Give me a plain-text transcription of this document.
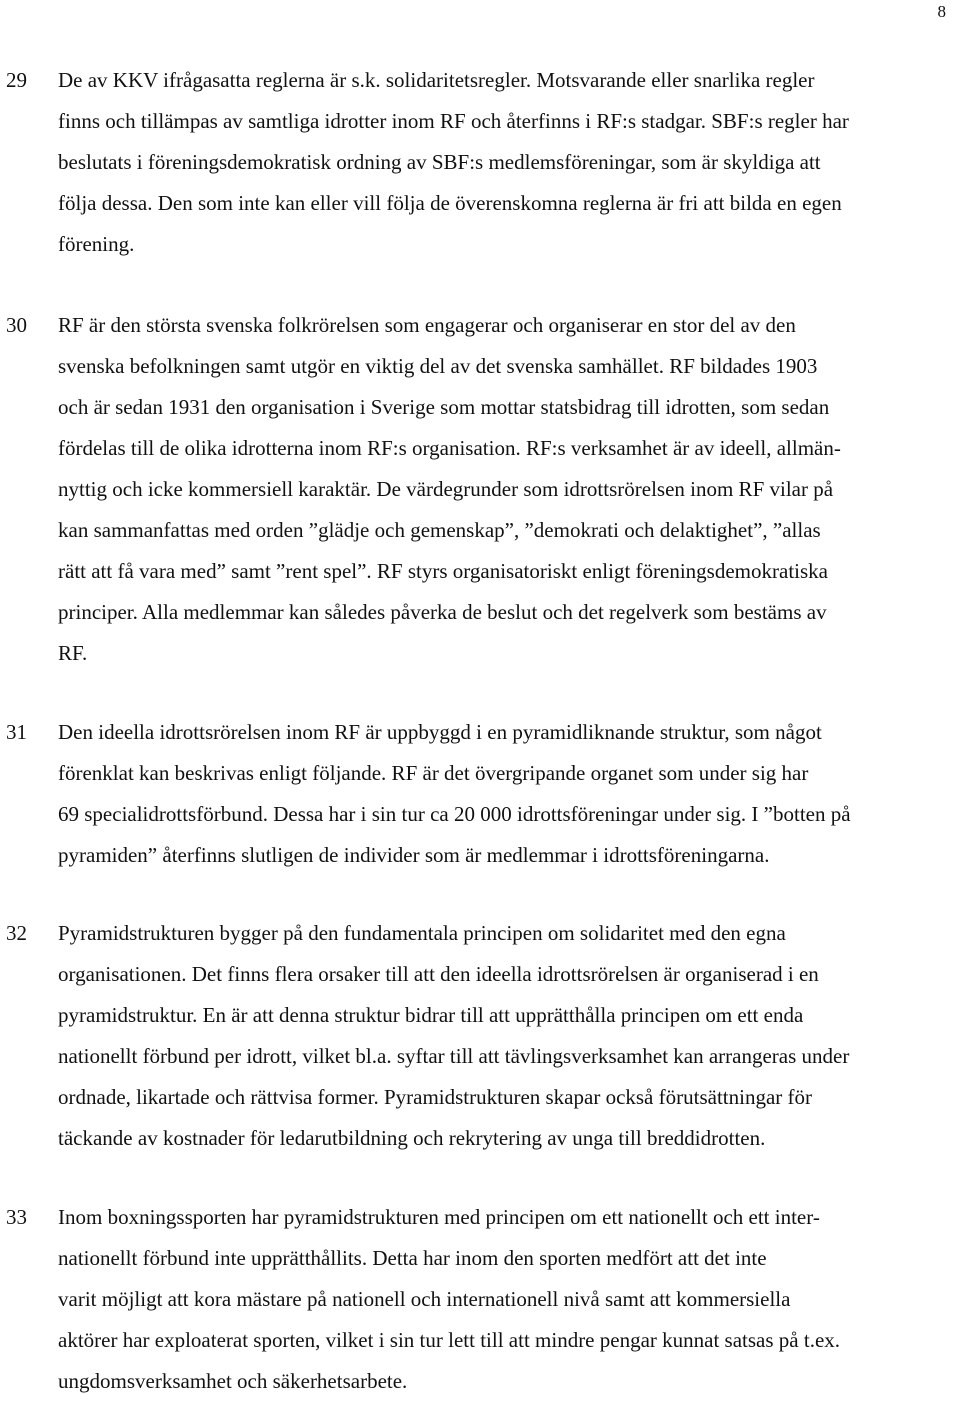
8
29 De av KKV ifrågasatta reglerna är s.k. solidaritetsregler. Motsvarande eller snarlika regler
finns och tillämpas av samtliga idrotter inom RF och återfinns i RF:s stadgar. SBF:s regler har
beslutats i föreningsdemokratisk ordning av SBF:s medlemsföreningar, som är skyldiga att
följa dessa. Den som inte kan eller vill följa de överenskomna reglerna är fri att bilda en egen
förening.
30 RF är den största svenska folkrörelsen som engagerar och organiserar en stor del av den
svenska befolkningen samt utgör en viktig del av det svenska samhället. RF bildades 1903
och är sedan 1931 den organisation i Sverige som mottar statsbidrag till idrotten, som sedan
fördelas till de olika idrotterna inom RF:s organisation. RF:s verksamhet är av ideell, allmän-
nyttig och icke kommersiell karaktär. De värdegrunder som idrottsrörelsen inom RF vilar på
kan sammanfattas med orden ”glädje och gemenskap”, ”demokrati och delaktighet”, ”allas
rätt att få vara med” samt ”rent spel”. RF styrs organisatoriskt enligt föreningsdemokratiska
principer. Alla medlemmar kan således påverka de beslut och det regelverk som bestäms av
RF.
31 Den ideella idrottsrörelsen inom RF är uppbyggd i en pyramidliknande struktur, som något
förenklat kan beskrivas enligt följande. RF är det övergripande organet som under sig har
69 specialidrottsförbund. Dessa har i sin tur ca 20 000 idrottsföreningar under sig. I ”botten på
pyramiden” återfinns slutligen de individer som är medlemmar i idrottsföreningarna.
32 Pyramidstrukturen bygger på den fundamentala principen om solidaritet med den egna
organisationen. Det finns flera orsaker till att den ideella idrottsrörelsen är organiserad i en
pyramidstruktur. En är att denna struktur bidrar till att upprätthålla principen om ett enda
nationellt förbund per idrott, vilket bl.a. syftar till att tävlingsverksamhet kan arrangeras under
ordnade, likartade och rättvisa former. Pyramidstrukturen skapar också förutsättningar för
täckande av kostnader för ledarutbildning och rekrytering av unga till breddidrotten.
33 Inom boxningssporten har pyramidstrukturen med principen om ett nationellt och ett inter-
nationellt förbund inte upprätthållits. Detta har inom den sporten medfört att det inte
varit möjligt att kora mästare på nationell och internationell nivå samt att kommersiella
aktörer har exploaterat sporten, vilket i sin tur lett till att mindre pengar kunnat satsas på t.ex.
ungdomsverksamhet och säkerhetsarbete.
